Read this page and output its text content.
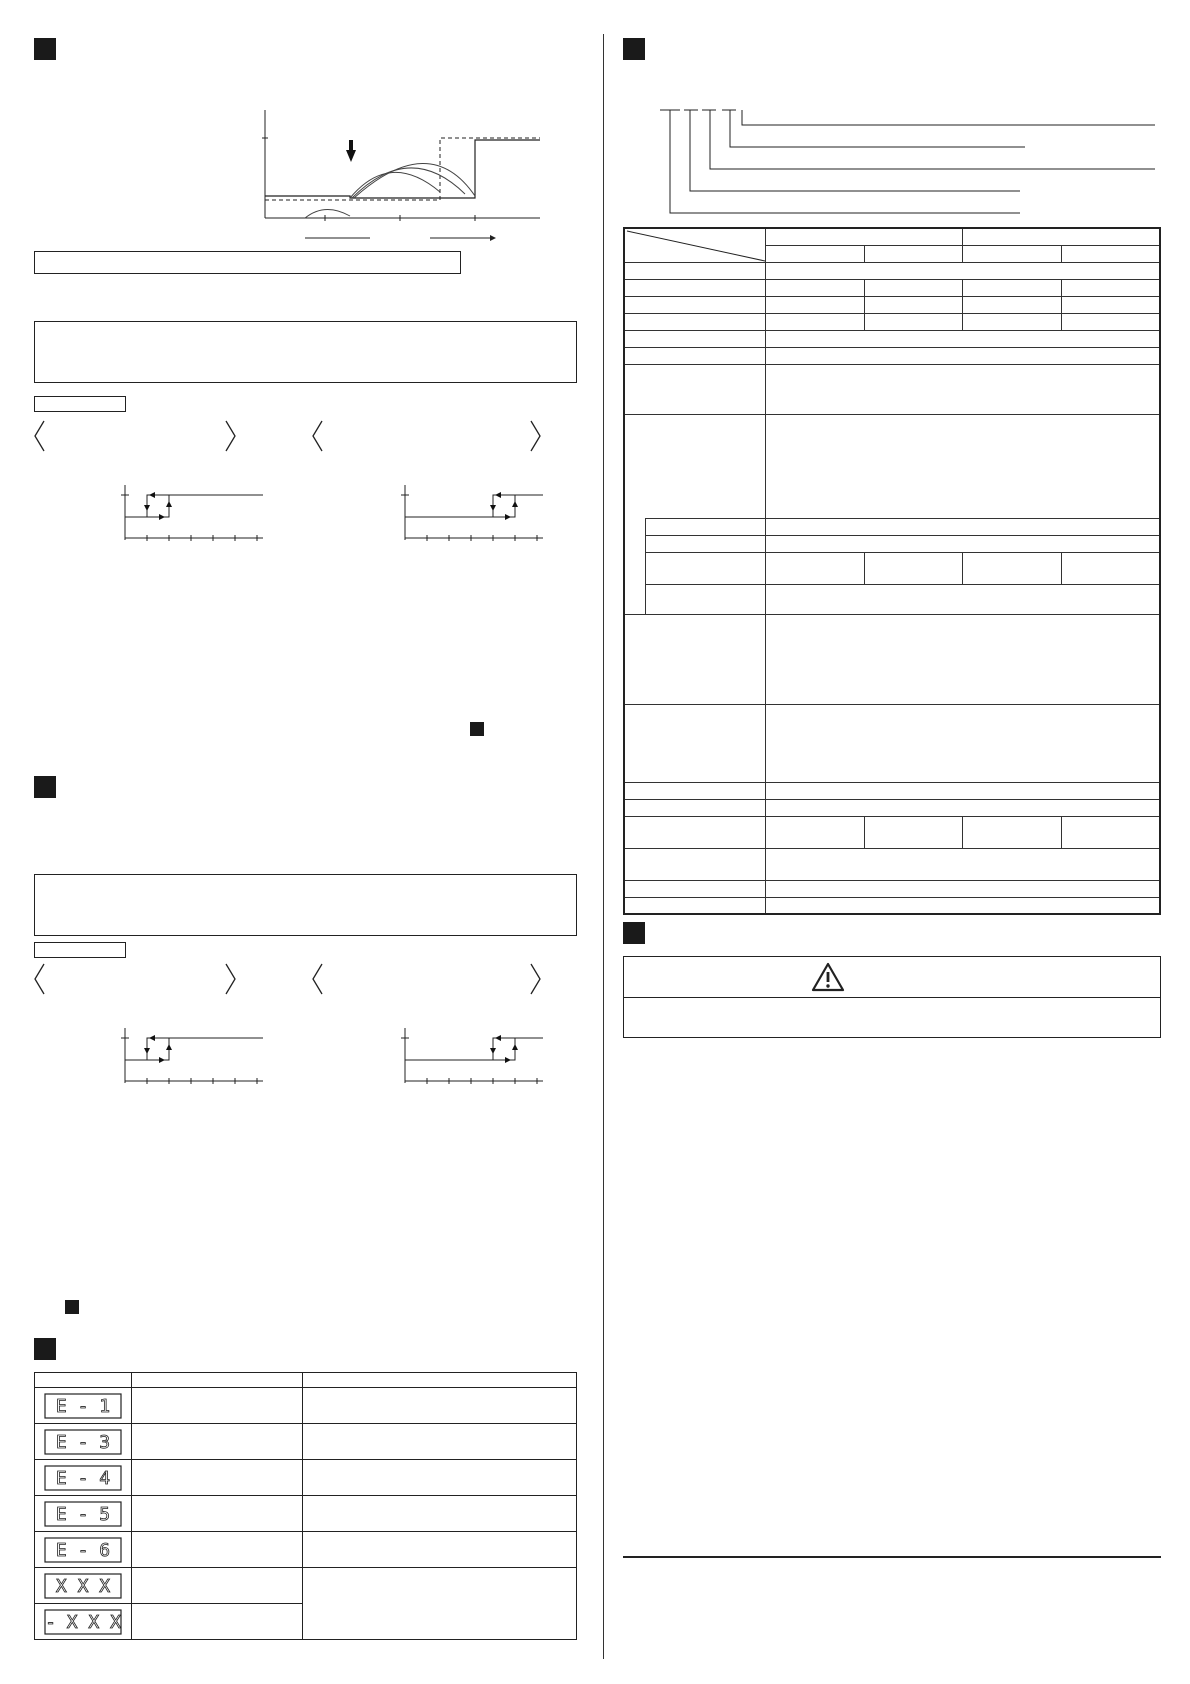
E - 1		

E - 3		

E - 4		

E - 5		

E - 6		

X X X		

- X X X		
